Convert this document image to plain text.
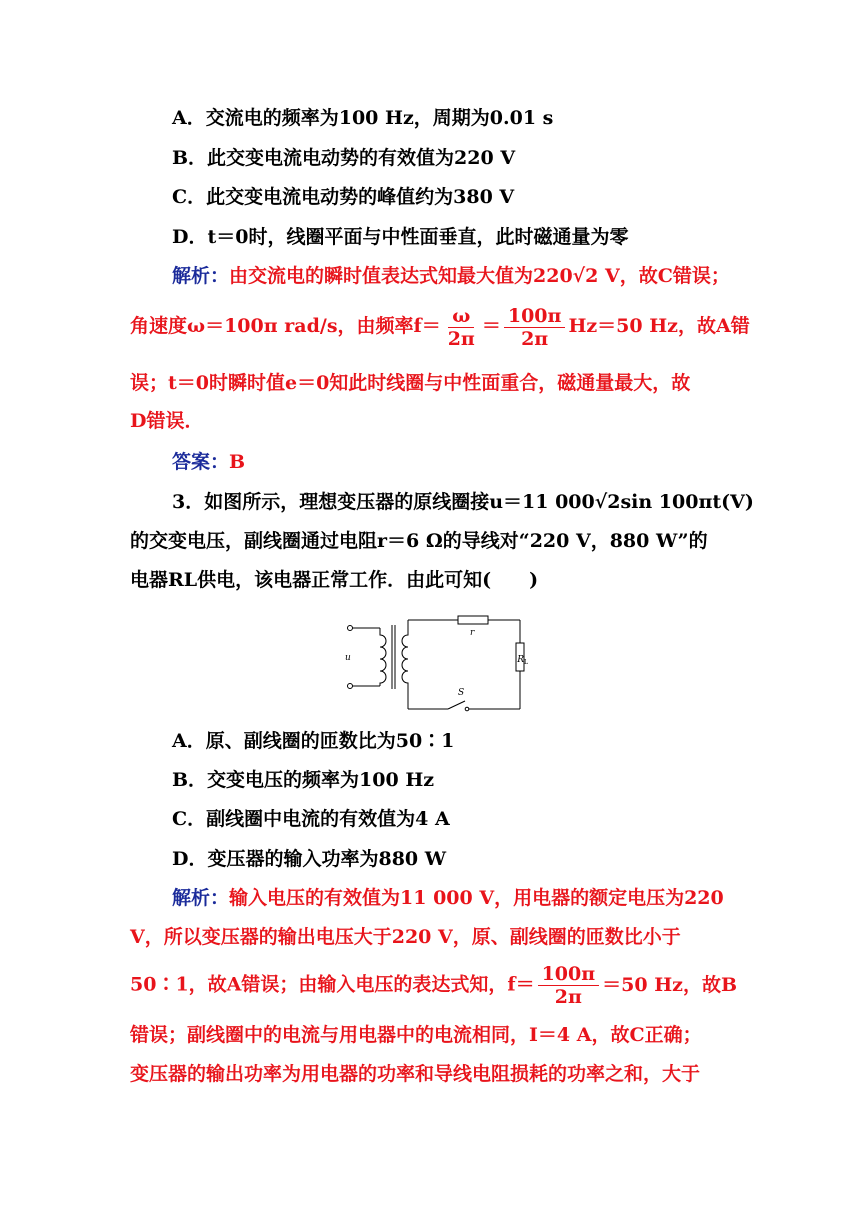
A．交流电的频率为100 Hz，周期为0.01 s
B．此交变电流电动势的有效值为220 V
C．此交变电流电动势的峰值约为380 V
D．t＝0时，线圈平面与中性面垂直，此时磁通量为零
解析：由交流电的瞬时值表达式知最大值为220√2 V，故C错误；
角速度ω＝100π rad/s，由频率$f= \frac{\omega}{2\pi} = \frac{100\pi}{2\pi} Hz=50$ Hz，故A错
误；t＝0时瞬时值e＝0知此时线圈与中性面重合，磁通量最大，故
D错误．
答案：B
3．如图所示，理想变压器的原线圈接u＝11 000√2sin 100πt(V)
的交变电压，副线圈通过电阻r＝6 Ω的导线对“220 V，880 W”的
电器RL供电，该电器正常工作．由此可知(　　)
u
r
$R_L$
S
A．原、副线圈的匝数比为50∶1
B．交变电压的频率为100 Hz
C．副线圈中电流的有效值为4 A
D．变压器的输入功率为880 W
解析：输入电压的有效值为11 000 V，用电器的额定电压为220
V，所以变压器的输出电压大于220 V，原、副线圈的匝数比小于
50∶1，故A错误；由输入电压的表达式知，$f= \frac{100\pi}{2\pi} =50$ Hz，故B
错误；副线圈中的电流与用电器中的电流相同，I＝4 A，故C正确；
变压器的输出功率为用电器的功率和导线电阻损耗的功率之和，大于
